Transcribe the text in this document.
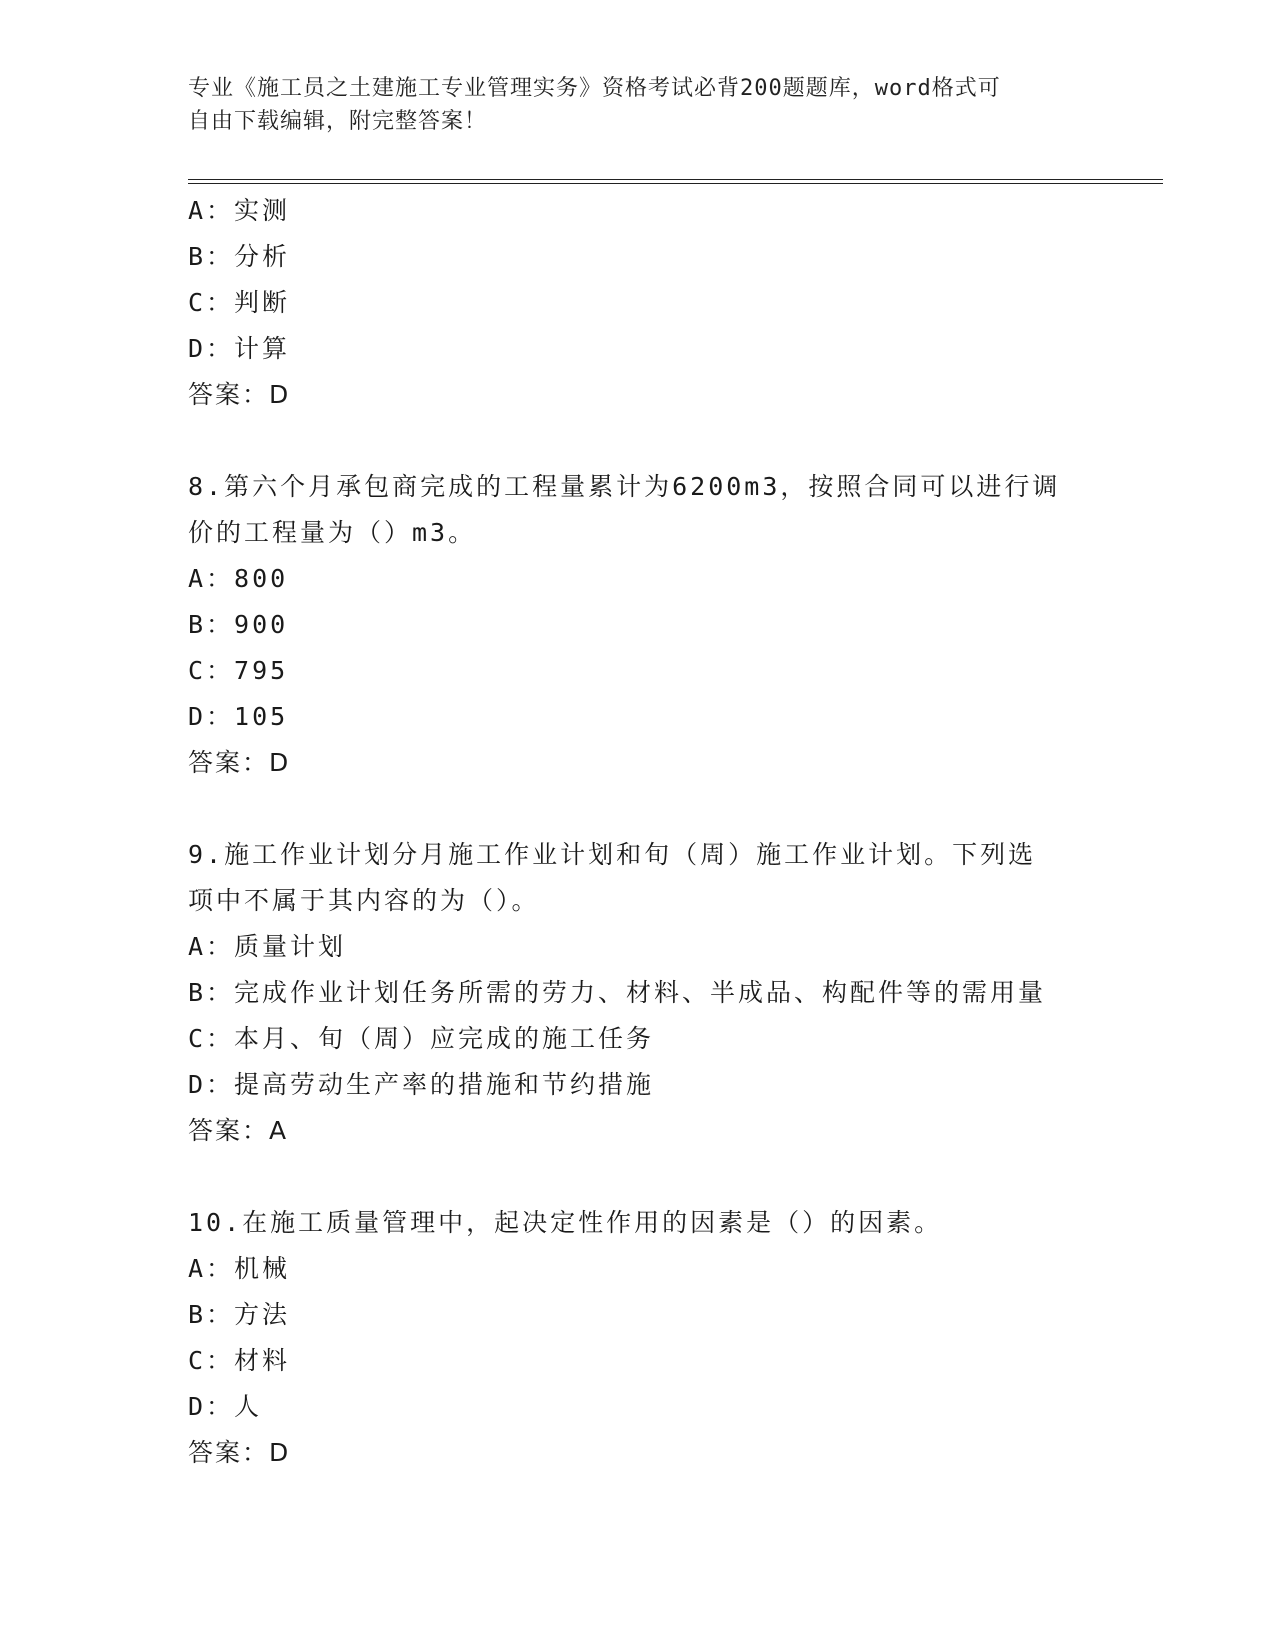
专业《施工员之土建施工专业管理实务》资格考试必背200题题库，word格式可
自由下载编辑，附完整答案！
A：实测
B：分析
C：判断
D：计算
答案：D
8.第六个月承包商完成的工程量累计为6200m3，按照合同可以进行调
价的工程量为（）m3。
A：800
B：900
C：795
D：105
答案：D
9.施工作业计划分月施工作业计划和旬（周）施工作业计划。下列选
项中不属于其内容的为（）。
A：质量计划
B：完成作业计划任务所需的劳力、材料、半成品、构配件等的需用量
C：本月、旬（周）应完成的施工任务
D：提高劳动生产率的措施和节约措施
答案：A
10.在施工质量管理中，起决定性作用的因素是（）的因素。
A：机械
B：方法
C：材料
D：人
答案：D
